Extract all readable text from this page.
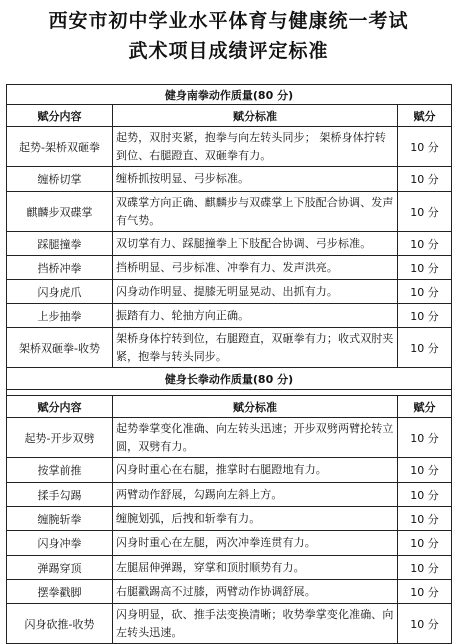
西安市初中学业水平体育与健康统一考试
武术项目成绩评定标准
健身南拳动作质量(80 分)		
赋分内容	赋分标准	赋分
起势-架桥双砸拳	起势，双肘夹紧，抱拳与向左转头同步； 架桥身体拧转到位、右腿蹬直、双砸拳有力。	10 分
缠桥切掌	缠桥抓按明显、弓步标准。	10 分
麒麟步双碟掌	双碟掌方向正确、麒麟步与双碟掌上下肢配合协调、发声有气势。	10 分
踩腿撞拳	双切掌有力、踩腿撞拳上下肢配合协调、弓步标准。	10 分
挡桥冲拳	挡桥明显、弓步标准、冲拳有力、发声洪亮。	10 分
闪身虎爪	闪身动作明显、提膝无明显晃动、出抓有力。	10 分
上步抽拳	振踏有力、轮抽方向正确。	10 分
架桥双砸拳-收势	架桥身体拧转到位，右腿蹬直，双砸拳有力；收式双肘夹紧，抱拳与转头同步。	10 分
健身长拳动作质量(80 分)		

赋分内容	赋分标准	赋分
起势-开步双劈	起势拳掌变化准确、向左转头迅速；开步双劈两臂抡转立圆，双劈有力。	10 分
按掌前推	闪身时重心在右腿，推掌时右腿蹬地有力。	10 分
揉手勾踢	两臂动作舒展，勾踢向左斜上方。	10 分
缠腕斩拳	缠腕划弧，后拽和斩拳有力。	10 分
闪身冲拳	闪身时重心在左腿，两次冲拳连贯有力。	10 分
弹踢穿顶	左腿屈伸弹踢，穿掌和顶肘顺势有力。	10 分
摆拳戳脚	右腿戳踢高不过膝，两臂动作协调舒展。	10 分
闪身砍推-收势	闪身明显，砍、推手法变换清晰；收势拳掌变化准确、向左转头迅速。	10 分
